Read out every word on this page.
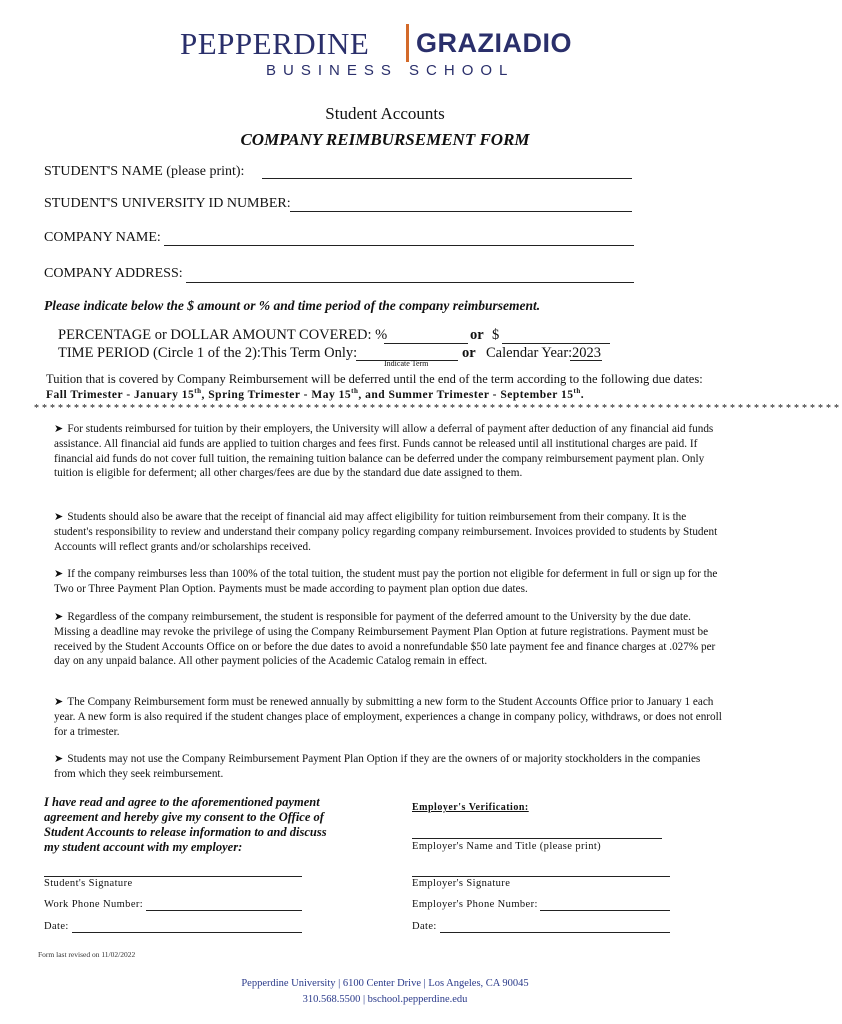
PEPPERDINE GRAZIADIO
BUSINESS SCHOOL
Student Accounts
COMPANY REIMBURSEMENT FORM
STUDENT'S NAME (please print):
STUDENT'S UNIVERSITY ID NUMBER:
COMPANY NAME:
COMPANY ADDRESS:
Please indicate below the $ amount or % and time period of the company reimbursement.
PERCENTAGE or DOLLAR AMOUNT COVERED: %	or $
TIME PERIOD (Circle 1 of the 2):This Term Only:
Indicate Term
or Calendar Year: 2023
Tuition that is covered by Company Reimbursement will be deferred until the end of the term according to the following due dates:
Fall Trimester - January 15th, Spring Trimester - May 15th, and Summer Trimester - September 15th.
*****************************************************************************************************
➤ For students reimbursed for tuition by their employers, the University will allow a deferral of payment after deduction of any financial aid funds assistance. All financial aid funds are applied to tuition charges and fees first. Funds cannot be released until all institutional charges are paid. If financial aid funds do not cover full tuition, the remaining tuition balance can be deferred under the company reimbursement payment plan. Only tuition is eligible for deferment; all other charges/fees are due by the standard due date assigned to them.
➤ Students should also be aware that the receipt of financial aid may affect eligibility for tuition reimbursement from their company. It is the student's responsibility to review and understand their company policy regarding company reimbursement. Invoices provided to students by Student Accounts will reflect grants and/or scholarships received.
➤ If the company reimburses less than 100% of the total tuition, the student must pay the portion not eligible for deferment in full or sign up for the Two or Three Payment Plan Option. Payments must be made according to payment plan option due dates.
➤ Regardless of the company reimbursement, the student is responsible for payment of the deferred amount to the University by the due date. Missing a deadline may revoke the privilege of using the Company Reimbursement Payment Plan Option at future registrations. Payment must be received by the Student Accounts Office on or before the due dates to avoid a nonrefundable $50 late payment fee and finance charges at .027% per day on any unpaid balance. All other payment policies of the Academic Catalog remain in effect.
➤ The Company Reimbursement form must be renewed annually by submitting a new form to the Student Accounts Office prior to January 1 each year. A new form is also required if the student changes place of employment, experiences a change in company policy, withdraws, or does not enroll for a trimester.
➤ Students may not use the Company Reimbursement Payment Plan Option if they are the owners of or majority stockholders in the companies from which they seek reimbursement.
I have read and agree to the aforementioned payment agreement and hereby give my consent to the Office of Student Accounts to release information to and discuss my student account with my employer:
Employer's Verification:
Employer's Name and Title (please print)
Student's Signature	Employer's Signature
Work Phone Number:	Employer's Phone Number:
Date:	Date:
Form last revised on 11/02/2022
Pepperdine University | 6100 Center Drive | Los Angeles, CA 90045
310.568.5500 | bschool.pepperdine.edu
